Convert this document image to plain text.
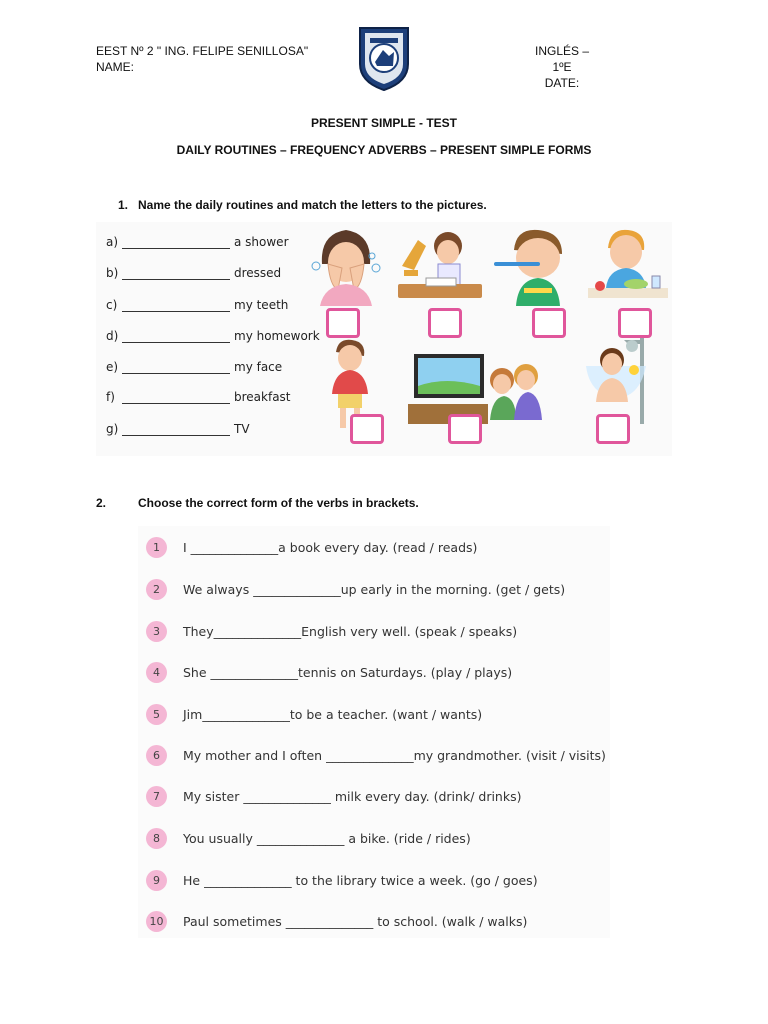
EEST Nº 2 " ING. FELIPE SENILLOSA"
NAME:
INGLÉS – 1ºE
DATE:
PRESENT SIMPLE - TEST
DAILY ROUTINES – FREQUENCY ADVERBS – PRESENT SIMPLE FORMS
1. Name the daily routines and match the letters to the pictures.
a)	a shower
b)	dressed
c)	my teeth
d)	my homework
e)	my face
f)	breakfast
g)	TV
2.	Choose the correct form of the verbs in brackets.
1 I ______________a book every day. (read / reads)
2 We always ______________up early in the morning. (get / gets)
3 They______________English very well. (speak / speaks)
4 She ______________tennis on Saturdays. (play / plays)
5 Jim______________to be a teacher. (want / wants)
6 My mother and I often ______________my grandmother. (visit / visits)
7 My sister ______________ milk every day. (drink/ drinks)
8 You usually ______________ a bike. (ride / rides)
9 He ______________ to the library twice a week. (go / goes)
10 Paul sometimes ______________ to school. (walk / walks)
